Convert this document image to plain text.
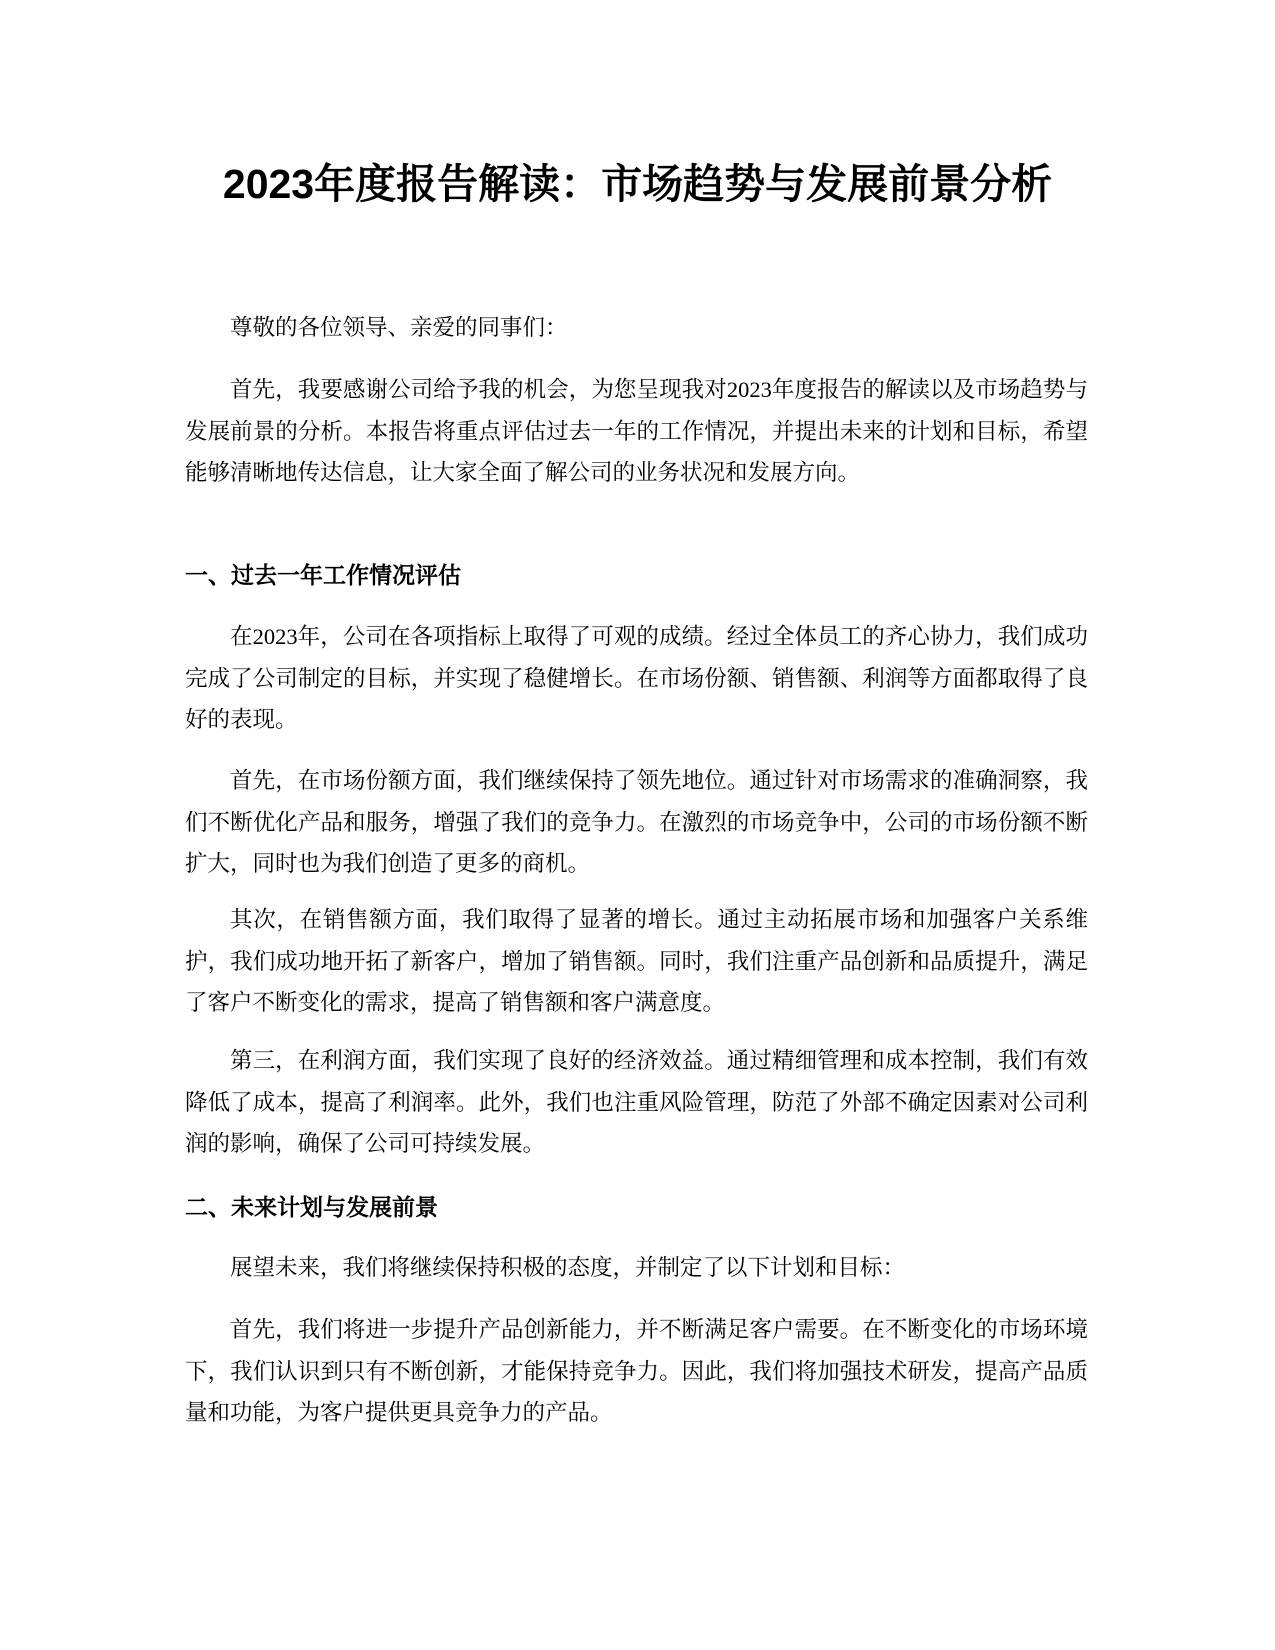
2023年度报告解读：市场趋势与发展前景分析

尊敬的各位领导、亲爱的同事们：

首先，我要感谢公司给予我的机会，为您呈现我对2023年度报告的解读以及市场趋势与发展前景的分析。本报告将重点评估过去一年的工作情况，并提出未来的计划和目标，希望能够清晰地传达信息，让大家全面了解公司的业务状况和发展方向。

一、过去一年工作情况评估

在2023年，公司在各项指标上取得了可观的成绩。经过全体员工的齐心协力，我们成功完成了公司制定的目标，并实现了稳健增长。在市场份额、销售额、利润等方面都取得了良好的表现。

首先，在市场份额方面，我们继续保持了领先地位。通过针对市场需求的准确洞察，我们不断优化产品和服务，增强了我们的竞争力。在激烈的市场竞争中，公司的市场份额不断扩大，同时也为我们创造了更多的商机。

其次，在销售额方面，我们取得了显著的增长。通过主动拓展市场和加强客户关系维护，我们成功地开拓了新客户，增加了销售额。同时，我们注重产品创新和品质提升，满足了客户不断变化的需求，提高了销售额和客户满意度。

第三，在利润方面，我们实现了良好的经济效益。通过精细管理和成本控制，我们有效降低了成本，提高了利润率。此外，我们也注重风险管理，防范了外部不确定因素对公司利润的影响，确保了公司可持续发展。

二、未来计划与发展前景

展望未来，我们将继续保持积极的态度，并制定了以下计划和目标：

首先，我们将进一步提升产品创新能力，并不断满足客户需要。在不断变化的市场环境下，我们认识到只有不断创新，才能保持竞争力。因此，我们将加强技术研发，提高产品质量和功能，为客户提供更具竞争力的产品。
